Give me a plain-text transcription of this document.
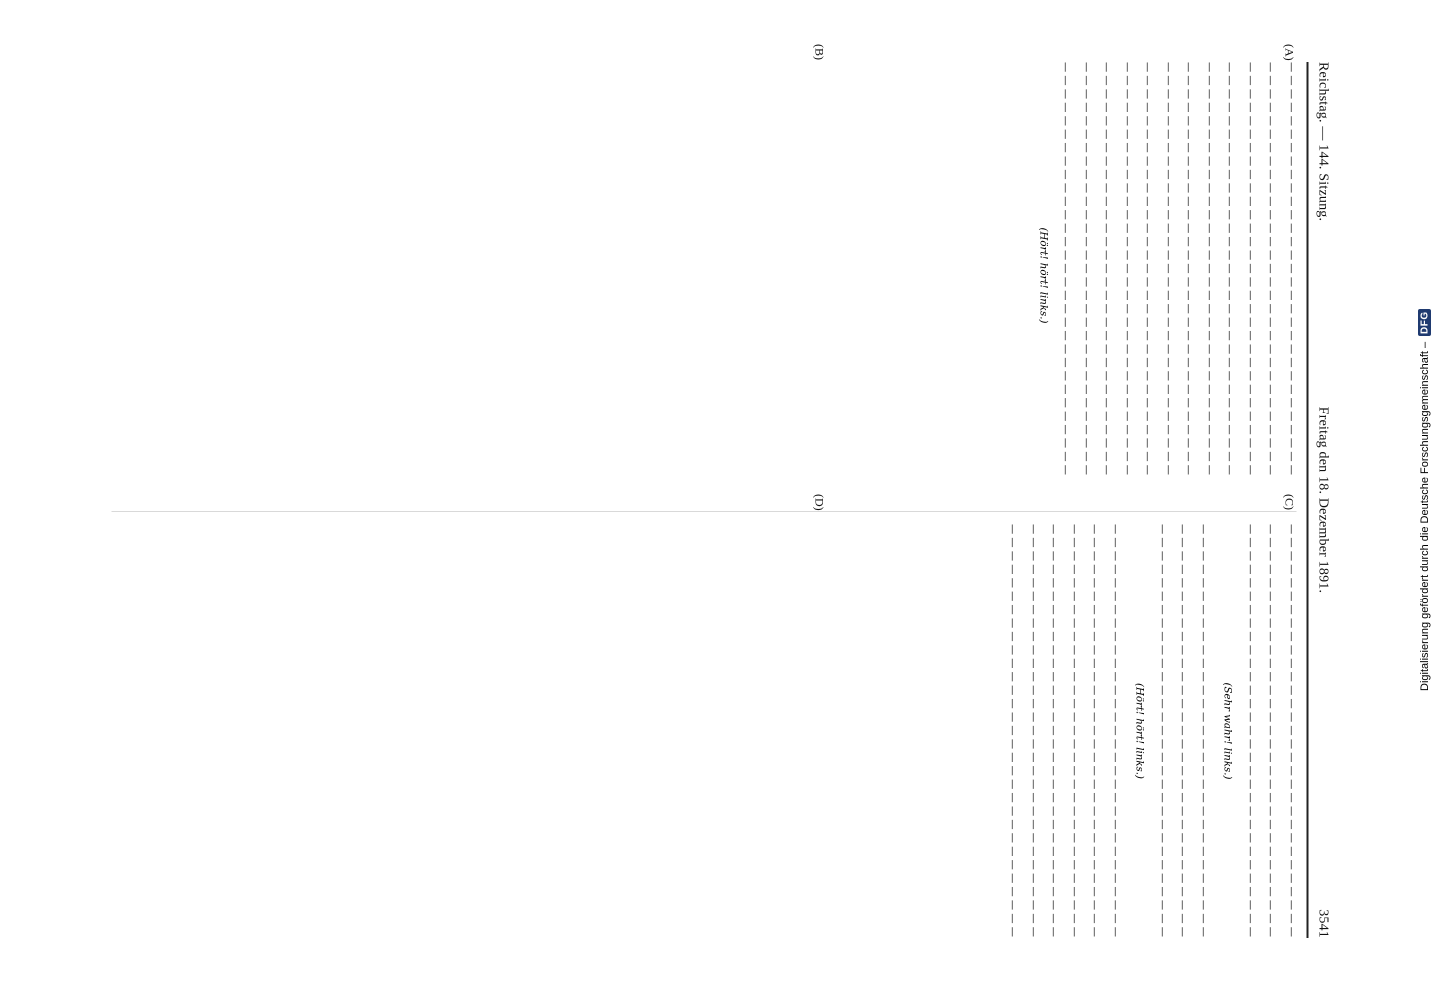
Reichstag. — 144. Sitzung.
Freitag den 18. Dezember 1891.
3541
(A)
(B)

— — — — — — — — — — — — — — — — — — — — — — — — — — — — — — —

— — — — — — — — — — — — — — — — — — — — — — — — — — — — — — —

— — — — — — — — — — — — — — — — — — — — — — — — — — — — — — —

— — — — — — — — — — — — — — — — — — — — — — — — — — — — — — —

— — — — — — — — — — — — — — — — — — — — — — — — — — — — — — —

— — — — — — — — — — — — — — — — — — — — — — — — — — — — — — —

— — — — — — — — — — — — — — — — — — — — — — — — — — — — — — —

— — — — — — — — — — — — — — — — — — — — — — — — — — — — — — —

— — — — — — — — — — — — — — — — — — — — — — — — — — — — — — —

— — — — — — — — — — — — — — — — — — — — — — — — — — — — — — —

— — — — — — — — — — — — — — — — — — — — — — — — — — — — — — —

— — — — — — — — — — — — — — — — — — — — — — — — — — — — — — —

(Hört! hört! links.)

(C)
(D)

— — — — — — — — — — — — — — — — — — — — — — — — — — — — — — —

— — — — — — — — — — — — — — — — — — — — — — — — — — — — — — —

— — — — — — — — — — — — — — — — — — — — — — — — — — — — — — —

(Sehr wahr! links.)

— — — — — — — — — — — — — — — — — — — — — — — — — — — — — — —

— — — — — — — — — — — — — — — — — — — — — — — — — — — — — — —

— — — — — — — — — — — — — — — — — — — — — — — — — — — — — — —

(Hört! hört! links.)

— — — — — — — — — — — — — — — — — — — — — — — — — — — — — — —

— — — — — — — — — — — — — — — — — — — — — — — — — — — — — — —

— — — — — — — — — — — — — — — — — — — — — — — — — — — — — — —

— — — — — — — — — — — — — — — — — — — — — — — — — — — — — — —

— — — — — — — — — — — — — — — — — — — — — — — — — — — — — — —

— — — — — — — — — — — — — — — — — — — — — — — — — — — — — — —

Digitalisierung gefördert durch die Deutsche Forschungsgemeinschaft –
DFG
